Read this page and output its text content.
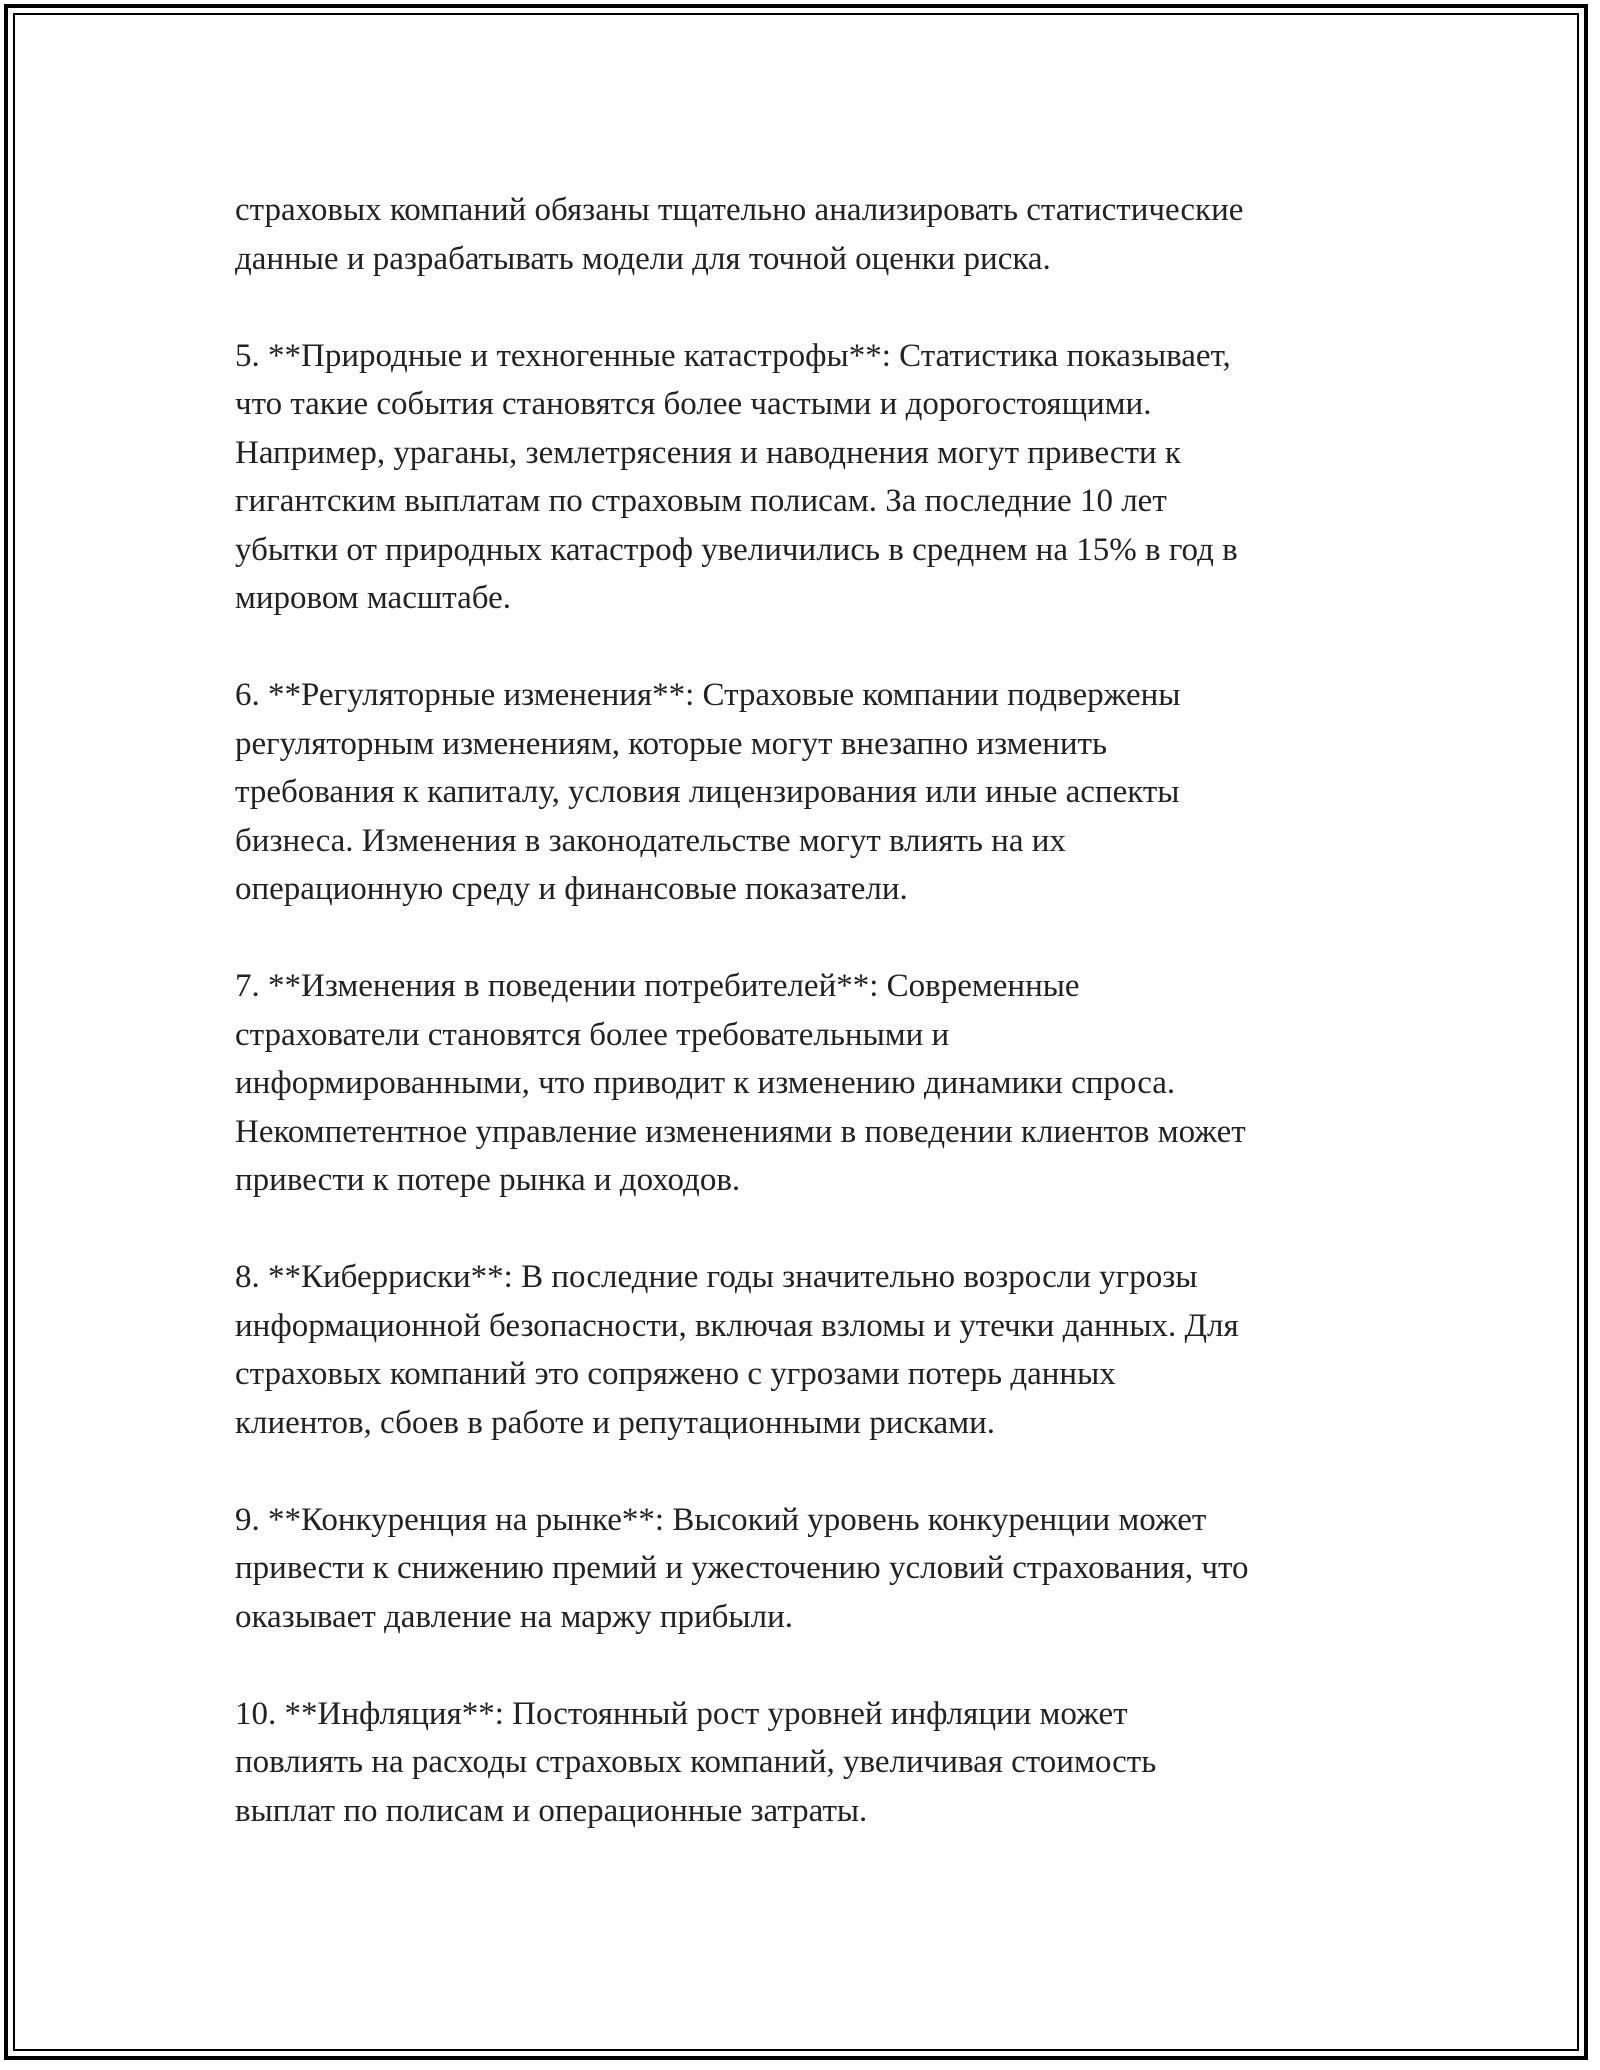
страховых компаний обязаны тщательно анализировать статистические
данные и разрабатывать модели для точной оценки риска.

5. **Природные и техногенные катастрофы**: Статистика показывает,
что такие события становятся более частыми и дорогостоящими.
Например, ураганы, землетрясения и наводнения могут привести к
гигантским выплатам по страховым полисам. За последние 10 лет
убытки от природных катастроф увеличились в среднем на 15% в год в
мировом масштабе.

6. **Регуляторные изменения**: Страховые компании подвержены
регуляторным изменениям, которые могут внезапно изменить
требования к капиталу, условия лицензирования или иные аспекты
бизнеса. Изменения в законодательстве могут влиять на их
операционную среду и финансовые показатели.

7. **Изменения в поведении потребителей**: Современные
страхователи становятся более требовательными и
информированными, что приводит к изменению динамики спроса.
Некомпетентное управление изменениями в поведении клиентов может
привести к потере рынка и доходов.

8. **Киберриски**: В последние годы значительно возросли угрозы
информационной безопасности, включая взломы и утечки данных. Для
страховых компаний это сопряжено с угрозами потерь данных
клиентов, сбоев в работе и репутационными рисками.

9. **Конкуренция на рынке**: Высокий уровень конкуренции может
привести к снижению премий и ужесточению условий страхования, что
оказывает давление на маржу прибыли.

10. **Инфляция**: Постоянный рост уровней инфляции может
повлиять на расходы страховых компаний, увеличивая стоимость
выплат по полисам и операционные затраты.
